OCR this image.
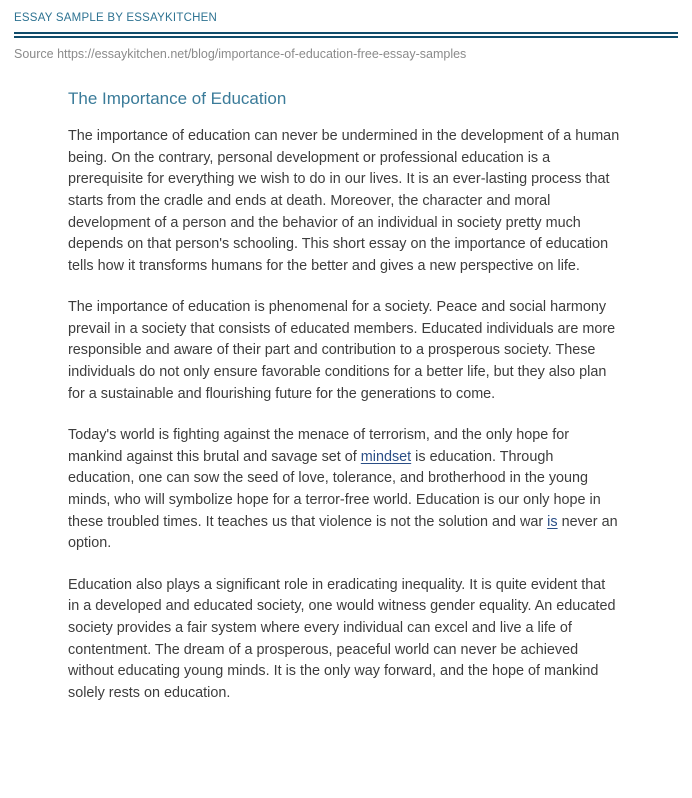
ESSAY SAMPLE BY ESSAYKITCHEN
Source https://essaykitchen.net/blog/importance-of-education-free-essay-samples
The Importance of Education

The importance of education can never be undermined in the development of a human being. On the contrary, personal development or professional education is a prerequisite for everything we wish to do in our lives. It is an ever-lasting process that starts from the cradle and ends at death. Moreover, the character and moral development of a person and the behavior of an individual in society pretty much depends on that person's schooling. This short essay on the importance of education tells how it transforms humans for the better and gives a new perspective on life.

The importance of education is phenomenal for a society. Peace and social harmony prevail in a society that consists of educated members. Educated individuals are more responsible and aware of their part and contribution to a prosperous society. These individuals do not only ensure favorable conditions for a better life, but they also plan for a sustainable and flourishing future for the generations to come.

Today's world is fighting against the menace of terrorism, and the only hope for mankind against this brutal and savage set of mindset is education. Through education, one can sow the seed of love, tolerance, and brotherhood in the young minds, who will symbolize hope for a terror-free world. Education is our only hope in these troubled times. It teaches us that violence is not the solution and war is never an option.

Education also plays a significant role in eradicating inequality. It is quite evident that in a developed and educated society, one would witness gender equality. An educated society provides a fair system where every individual can excel and live a life of contentment. The dream of a prosperous, peaceful world can never be achieved without educating young minds. It is the only way forward, and the hope of mankind solely rests on education.
